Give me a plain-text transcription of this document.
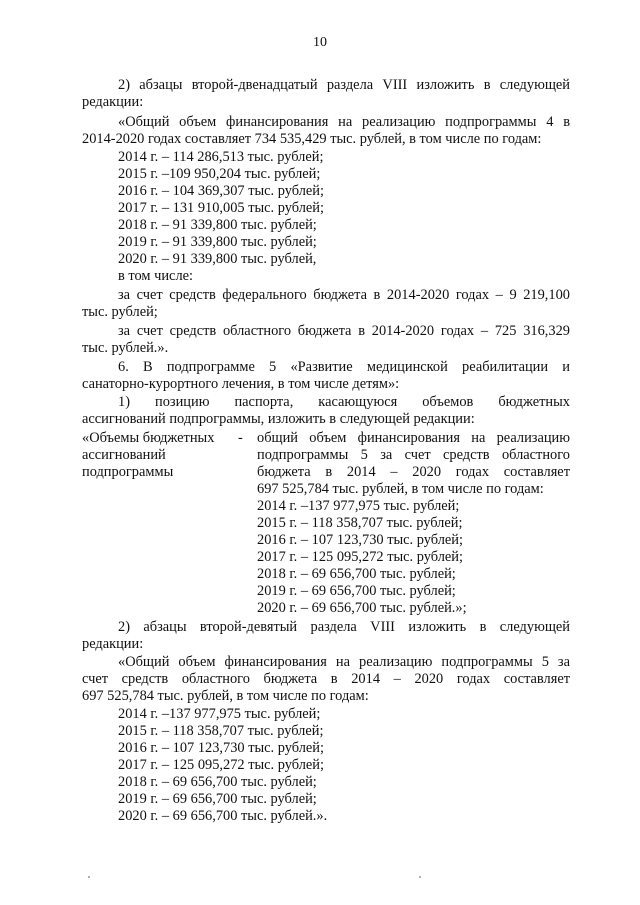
10
2) абзацы второй-двенадцатый раздела VIII изложить в следующей
редакции:
«Общий объем финансирования на реализацию подпрограммы 4 в
2014-2020 годах составляет 734 535,429 тыс. рублей, в том числе по годам:
2014 г. – 114 286,513 тыс. рублей;
2015 г. –109 950,204 тыс. рублей;
2016 г. – 104 369,307 тыс. рублей;
2017 г. – 131 910,005 тыс. рублей;
2018 г. – 91 339,800 тыс. рублей;
2019 г. – 91 339,800 тыс. рублей;
2020 г. – 91 339,800 тыс. рублей,
в том числе:
за счет средств федерального бюджета в 2014-2020 годах – 9 219,100
тыс. рублей;
за счет средств областного бюджета в 2014-2020 годах – 725 316,329
тыс. рублей.».
6. В подпрограмме 5 «Развитие медицинской реабилитации и
санаторно-курортного лечения, в том числе детям»:
1) позицию паспорта, касающуюся объемов бюджетных
ассигнований подпрограммы, изложить в следующей редакции:
«Объемы бюджетных
ассигнований
подпрограммы
- общий объем финансирования на реализацию
подпрограммы 5 за счет средств областного
бюджета в 2014 – 2020 годах составляет
697 525,784 тыс. рублей, в том числе по годам:
2014 г. –137 977,975 тыс. рублей;
2015 г. – 118 358,707 тыс. рублей;
2016 г. – 107 123,730 тыс. рублей;
2017 г. – 125 095,272 тыс. рублей;
2018 г. – 69 656,700 тыс. рублей;
2019 г. – 69 656,700 тыс. рублей;
2020 г. – 69 656,700 тыс. рублей.»;
2) абзацы второй-девятый раздела VIII изложить в следующей
редакции:
«Общий объем финансирования на реализацию подпрограммы 5 за
счет средств областного бюджета в 2014 – 2020 годах составляет
697 525,784 тыс. рублей, в том числе по годам:
2014 г. –137 977,975 тыс. рублей;
2015 г. – 118 358,707 тыс. рублей;
2016 г. – 107 123,730 тыс. рублей;
2017 г. – 125 095,272 тыс. рублей;
2018 г. – 69 656,700 тыс. рублей;
2019 г. – 69 656,700 тыс. рублей;
2020 г. – 69 656,700 тыс. рублей.».
